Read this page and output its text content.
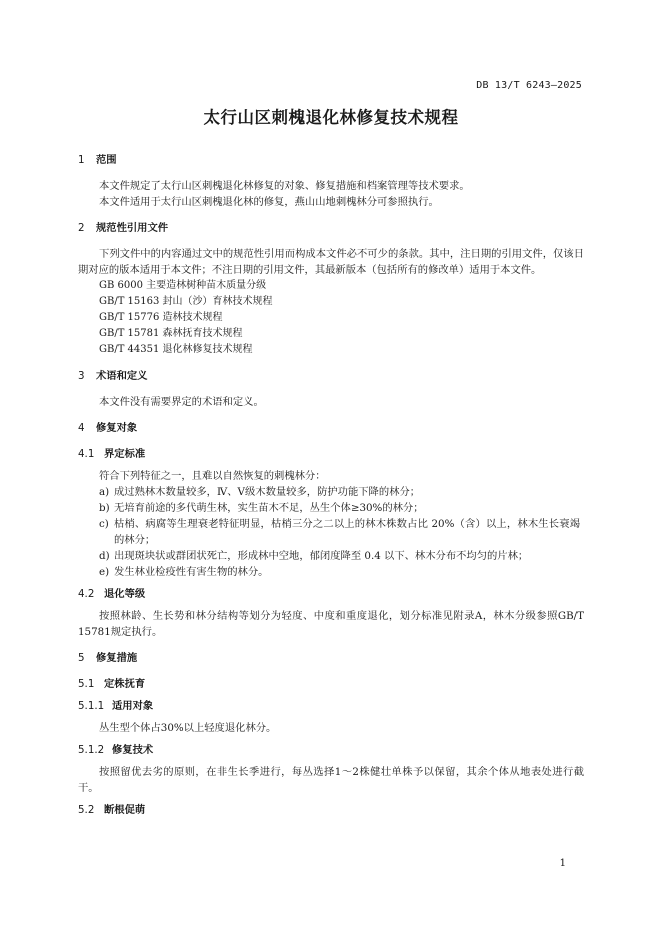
DB 13/T 6243—2025
太行山区刺槐退化林修复技术规程
1 范围
本文件规定了太行山区刺槐退化林修复的对象、修复措施和档案管理等技术要求。
本文件适用于太行山区刺槐退化林的修复，燕山山地刺槐林分可参照执行。
2 规范性引用文件
下列文件中的内容通过文中的规范性引用而构成本文件必不可少的条款。其中，注日期的引用文件，仅该日期对应的版本适用于本文件；不注日期的引用文件，其最新版本（包括所有的修改单）适用于本文件。
GB 6000 主要造林树种苗木质量分级
GB/T 15163 封山（沙）育林技术规程
GB/T 15776 造林技术规程
GB/T 15781 森林抚育技术规程
GB/T 44351 退化林修复技术规程
3 术语和定义
本文件没有需要界定的术语和定义。
4 修复对象
4.1 界定标准
符合下列特征之一，且难以自然恢复的刺槐林分：
a) 成过熟林木数量较多，Ⅳ、Ⅴ级木数量较多，防护功能下降的林分；
b) 无培育前途的多代萌生林，实生苗木不足，丛生个体≥30%的林分；
c) 枯梢、病腐等生理衰老特征明显，枯梢三分之二以上的林木株数占比 20%（含）以上，林木生长衰竭的林分；
d) 出现斑块状或群团状死亡，形成林中空地，郁闭度降至 0.4 以下、林木分布不均匀的片林；
e) 发生林业检疫性有害生物的林分。
4.2 退化等级
按照林龄、生长势和林分结构等划分为轻度、中度和重度退化，划分标准见附录A，林木分级参照GB/T 15781规定执行。
5 修复措施
5.1 定株抚育
5.1.1 适用对象
丛生型个体占30%以上轻度退化林分。
5.1.2 修复技术
按照留优去劣的原则，在非生长季进行，每丛选择1～2株健壮单株予以保留，其余个体从地表处进行截干。
5.2 断根促萌
1
